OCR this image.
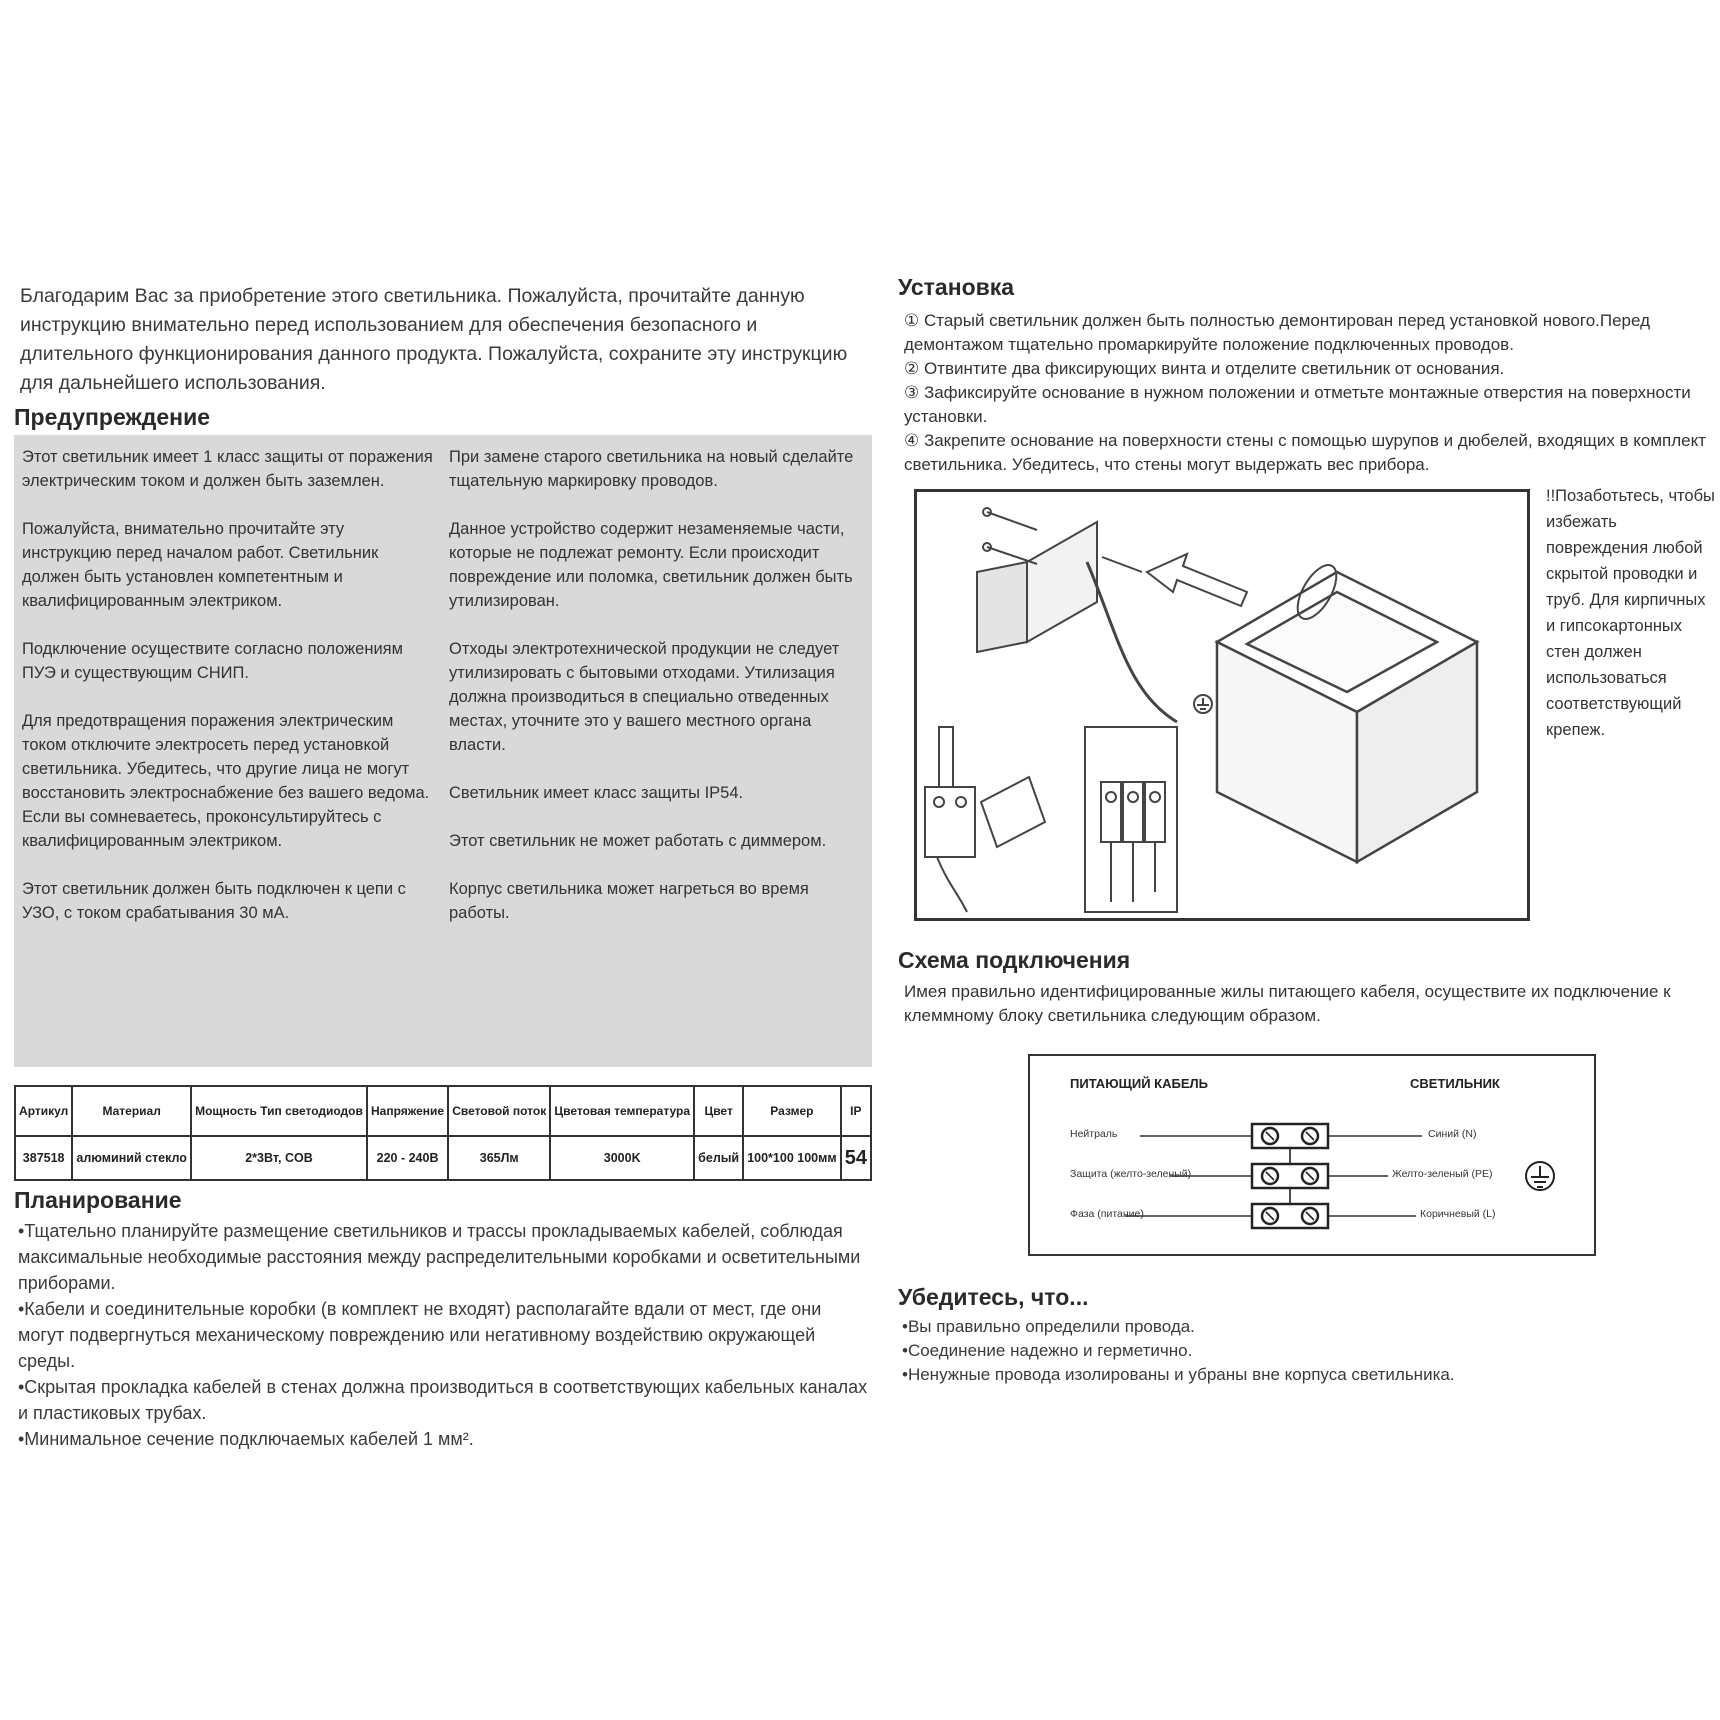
Благодарим Вас за приобретение этого светильника. Пожалуйста, прочитайте данную инструкцию внимательно перед использованием для обеспечения безопасного и длительного функционирования данного продукта. Пожалуйста, сохраните эту инструкцию для дальнейшего использования.

Предупреждение

Этот светильник имеет 1 класс защиты от поражения электрическим током и должен быть заземлен.

Пожалуйста, внимательно прочитайте эту инструкцию перед началом работ. Светильник должен быть установлен компетентным и квалифицированным электриком.

Подключение осуществите согласно положениям ПУЭ и существующим СНИП.

Для предотвращения поражения электрическим током отключите электросеть перед установкой светильника. Убедитесь, что другие лица не могут восстановить электроснабжение без вашего ведома. Если вы сомневаетесь, проконсультируйтесь с квалифицированным электриком.

Этот светильник должен быть подключен к цепи с УЗО, с током срабатывания 30 мА.

При замене старого светильника на новый сделайте тщательную маркировку проводов.

Данное устройство содержит незаменяемые части, которые не подлежат ремонту. Если происходит повреждение или поломка, светильник должен быть утилизирован.

Отходы электротехнической продукции не следует утилизировать с бытовыми отходами. Утилизация должна производиться в специально отведенных местах, уточните это у вашего местного органа власти.

Светильник имеет класс защиты IP54.

Этот светильник не может работать с диммером.

Корпус светильника может нагреться во время работы.

Артикул	Материал	Мощность Тип светодиодов	Напряжение	Световой поток	Цветовая температура	Цвет	Размер	IP
387518	алюминий стекло	2*3Вт, COB	220 - 240В	365Лм	3000K	белый	100*100 100мм	54
Планирование
•Тщательно планируйте размещение светильников и трассы прокладываемых кабелей, соблюдая максимальные необходимые расстояния между распределительными коробками и осветительными приборами.
•Кабели и соединительные коробки (в комплект не входят) располагайте вдали от мест, где они могут подвергнуться механическому повреждению или негативному воздействию окружающей среды.
•Скрытая прокладка кабелей в стенах должна производиться в соответствующих кабельных каналах и пластиковых трубах.
•Минимальное сечение подключаемых кабелей 1 мм².
Установка

① Старый светильник должен быть полностью демонтирован перед установкой нового.Перед демонтажом тщательно промаркируйте положение подключенных проводов.

② Отвинтите два фиксирующих винта и отделите светильник от основания.

③ Зафиксируйте основание в нужном положении и отметьте монтажные отверстия на поверхности установки.

④ Закрепите основание на поверхности стены с помощью шурупов и дюбелей, входящих в комплект светильника. Убедитесь, что стены могут выдержать вес прибора.

!!Позаботьтесь, чтобы избежать повреждения любой скрытой проводки и труб. Для кирпичных и гипсокартонных стен должен использоваться соответствующий крепеж.
Схема подключения

Имея правильно идентифицированные жилы питающего кабеля, осуществите их подключение к клеммному блоку светильника следующим образом.

ПИТАЮЩИЙ КАБЕЛЬ	СВЕТИЛЬНИК
Нейтраль
Защита (желто-зеленый)
Фаза (питание)
Синий (N)
Желто-зеленый (PE)
Коричневый (L)
Убедитесь, что...
•Вы правильно определили провода.
•Соединение надежно и герметично.
•Ненужные провода изолированы и убраны вне корпуса светильника.
